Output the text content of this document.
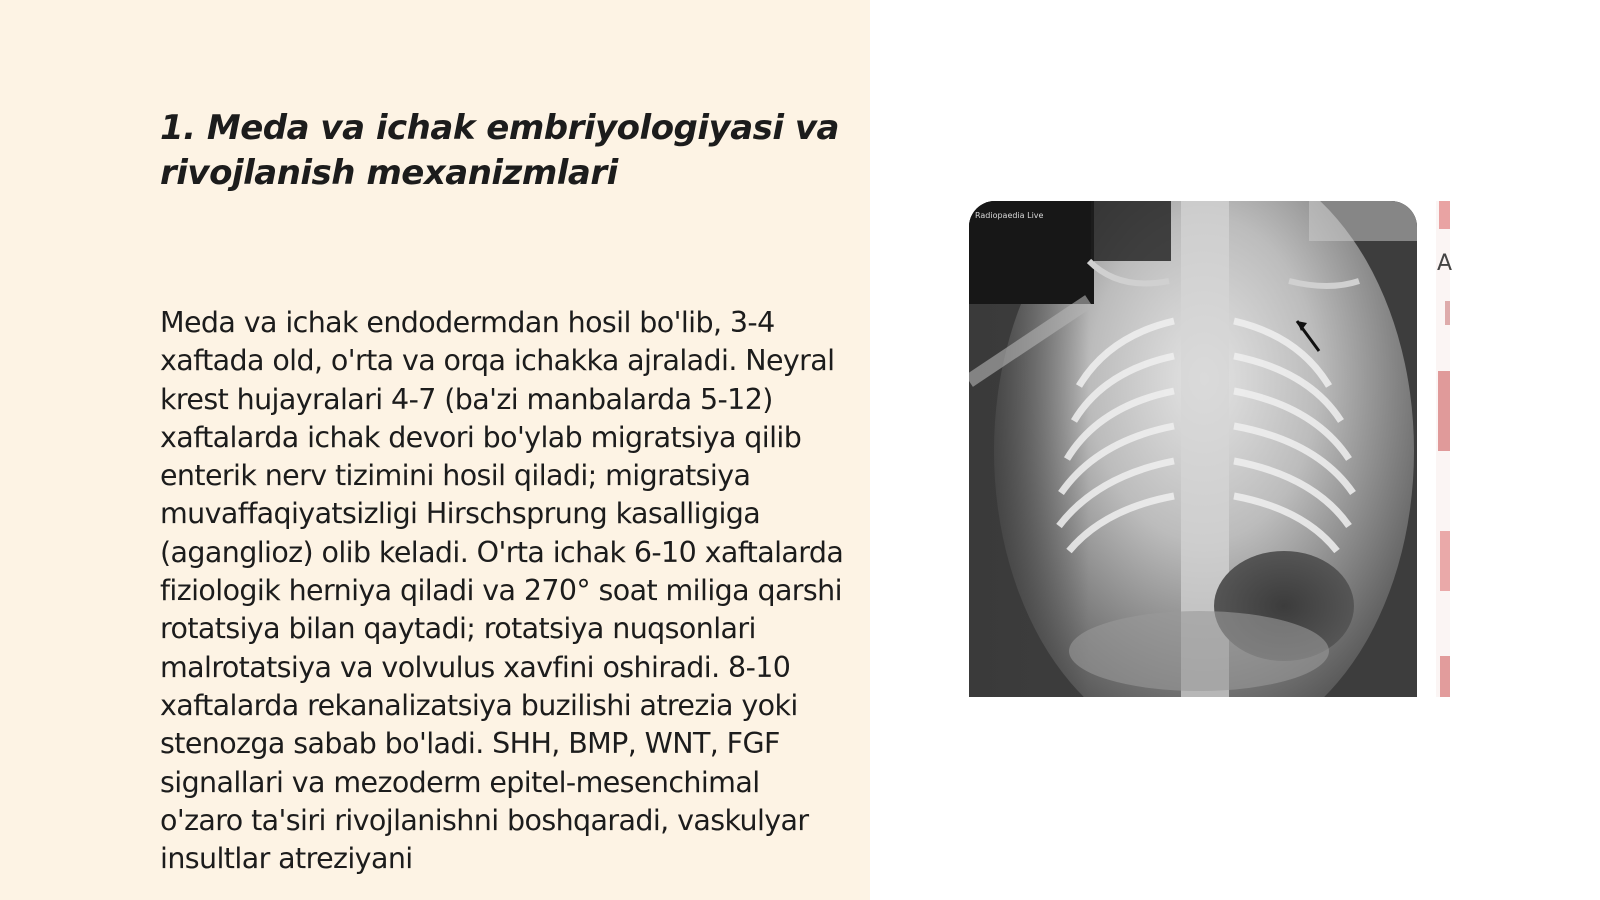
1. Meda va ichak embriyologiyasi va rivojlanish mexanizmlari

Meda va ichak endodermdan hosil bo'lib, 3-4 xaftada old, o'rta va orqa ichakka ajraladi. Neyral krest hujayralari 4-7 (ba'zi manbalarda 5-12) xaftalarda ichak devori bo'ylab migratsiya qilib enterik nerv tizimini hosil qiladi; migratsiya muvaffaqiyatsizligi Hirschsprung kasalligiga (aganglioz) olib keladi. O'rta ichak 6-10 xaftalarda fiziologik herniya qiladi va 270° soat miliga qarshi rotatsiya bilan qaytadi; rotatsiya nuqsonlari malrotatsiya va volvulus xavfini oshiradi. 8-10 xaftalarda rekanalizatsiya buzilishi atrezia yoki stenozga sabab bo'ladi. SHH, BMP, WNT, FGF signallari va mezoderm epitel-mesenchimal o'zaro ta'siri rivojlanishni boshqaradi, vaskulyar insultlar atreziyani

Radiopaedia Live
A
